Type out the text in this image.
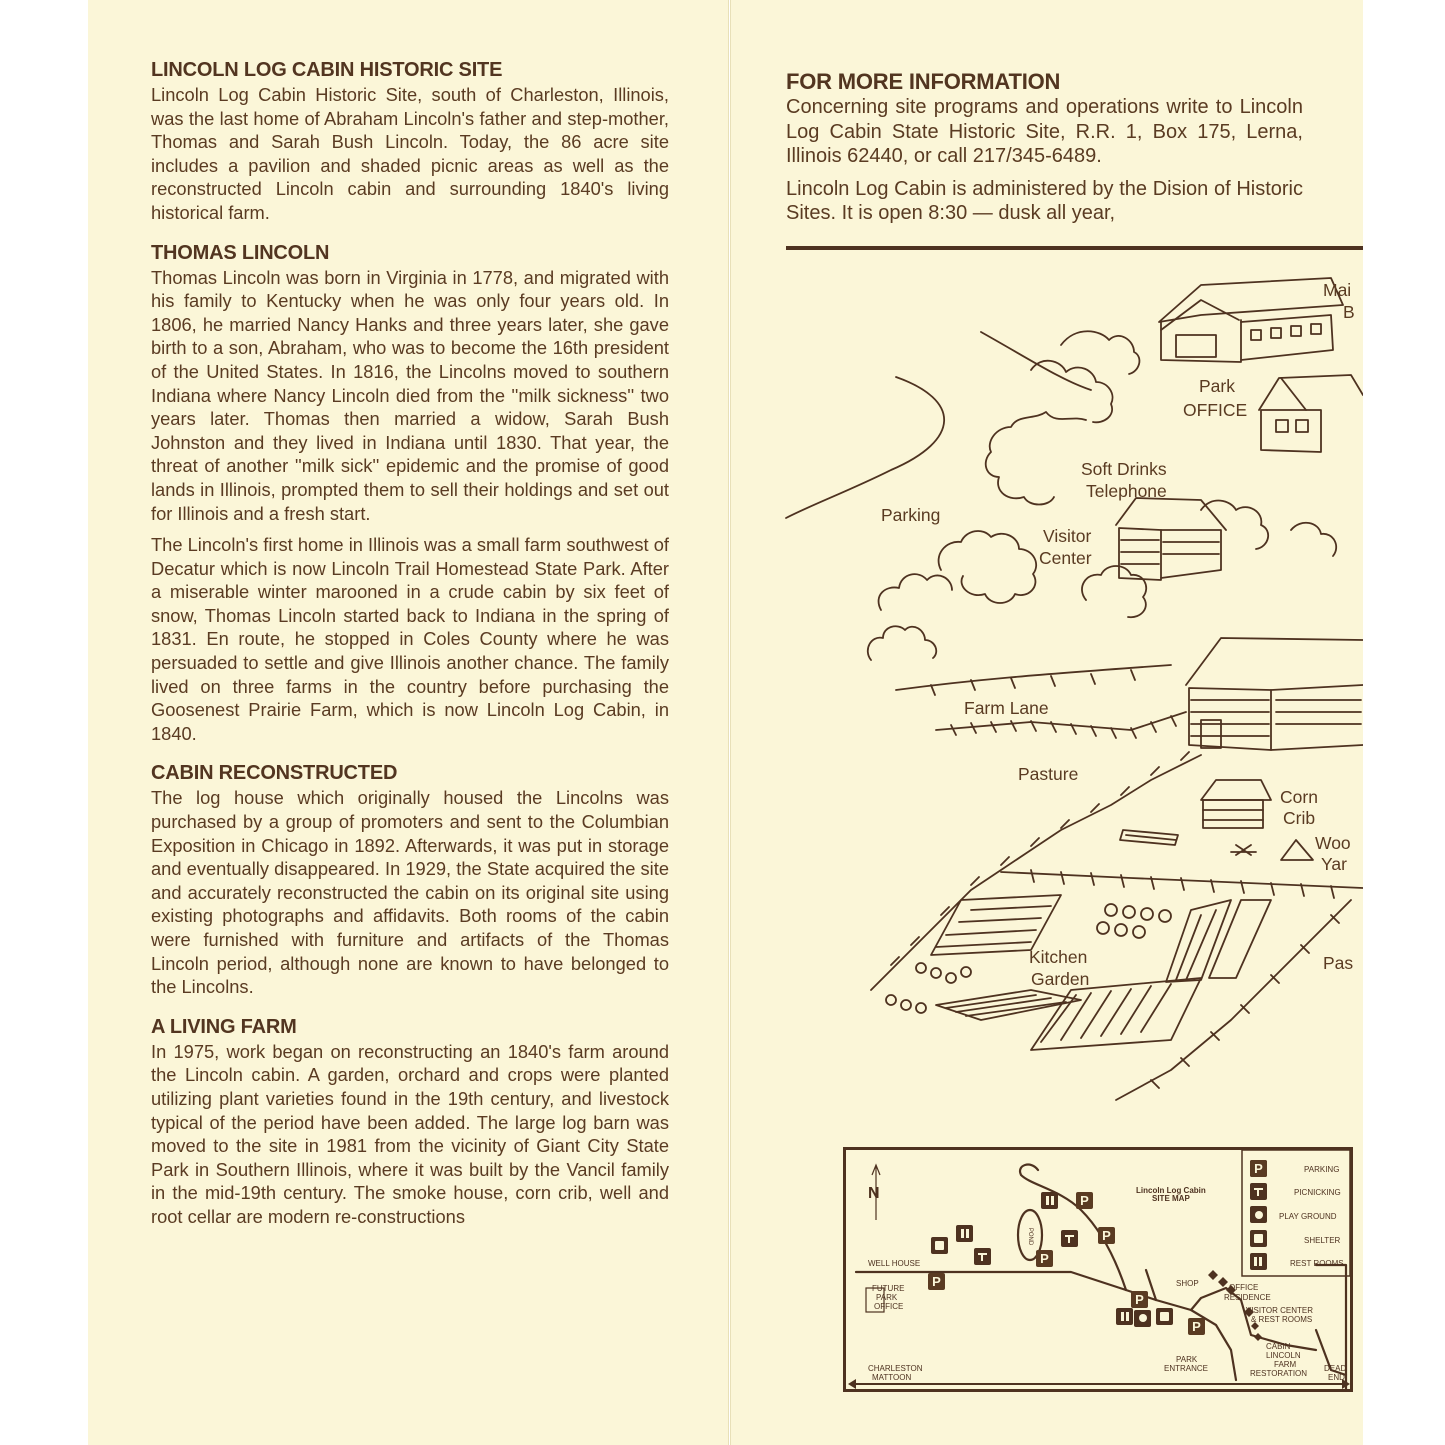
LINCOLN LOG CABIN HISTORIC SITE

Lincoln Log Cabin Historic Site, south of Charleston, Illinois, was the last home of Abraham Lincoln's father and step-mother, Thomas and Sarah Bush Lincoln. Today, the 86 acre site includes a pavilion and shaded picnic areas as well as the reconstructed Lincoln cabin and surrounding 1840's living historical farm.

THOMAS LINCOLN

Thomas Lincoln was born in Virginia in 1778, and migrated with his family to Kentucky when he was only four years old. In 1806, he married Nancy Hanks and three years later, she gave birth to a son, Abraham, who was to become the 16th president of the United States. In 1816, the Lincolns moved to southern Indiana where Nancy Lincoln died from the ''milk sickness'' two years later. Thomas then married a widow, Sarah Bush Johnston and they lived in Indiana until 1830. That year, the threat of another ''milk sick'' epidemic and the promise of good lands in Illinois, prompted them to sell their holdings and set out for Illinois and a fresh start.

The Lincoln's first home in Illinois was a small farm southwest of Decatur which is now Lincoln Trail Homestead State Park. After a miserable winter marooned in a crude cabin by six feet of snow, Thomas Lincoln started back to Indiana in the spring of 1831. En route, he stopped in Coles County where he was persuaded to settle and give Illinois another chance. The family lived on three farms in the country before purchasing the Goosenest Prairie Farm, which is now Lincoln Log Cabin, in 1840.

CABIN RECONSTRUCTED

The log house which originally housed the Lincolns was purchased by a group of promoters and sent to the Columbian Exposition in Chicago in 1892. Afterwards, it was put in storage and eventually disappeared. In 1929, the State acquired the site and accurately reconstructed the cabin on its original site using existing photographs and affidavits. Both rooms of the cabin were furnished with furniture and artifacts of the Thomas Lincoln period, although none are known to have belonged to the Lincolns.

A LIVING FARM

In 1975, work began on reconstructing an 1840's farm around the Lincoln cabin. A garden, orchard and crops were planted utilizing plant varieties found in the 19th century, and livestock typical of the period have been added. The large log barn was moved to the site in 1981 from the vicinity of Giant City State Park in Southern Illinois, where it was built by the Vancil family in the mid-19th century. The smoke house, corn crib, well and root cellar are modern re-constructions

FOR MORE INFORMATION

Concerning site programs and operations write to Lincoln Log Cabin State Historic Site, R.R. 1, Box 175, Lerna, Illinois 62440, or call 217/345-6489.

Lincoln Log Cabin is administered by the Dision of Historic Sites. It is open 8:30 — dusk all year,

Mai
B
Park
OFFICE
Soft Drinks
Telephone
Parking
Visitor
Center
Farm Lane
Pasture
Corn
Crib
Woo
Yar
Kitchen
Garden
Pas
P
P
P
P
P
P
P
Lincoln Log Cabin
SITE MAP
N
POND
WELL HOUSE
FUTURE
PARK
OFFICE
SHOP	OFFICE
RESIDENCE
VISITOR CENTER
& REST ROOMS
CABIN
LINCOLN
FARM
RESTORATION
PARK
ENTRANCE
CHARLESTON
MATTOON
DEAD
END
PARKING
PICNICKING
PLAY GROUND
SHELTER
REST ROOMS
